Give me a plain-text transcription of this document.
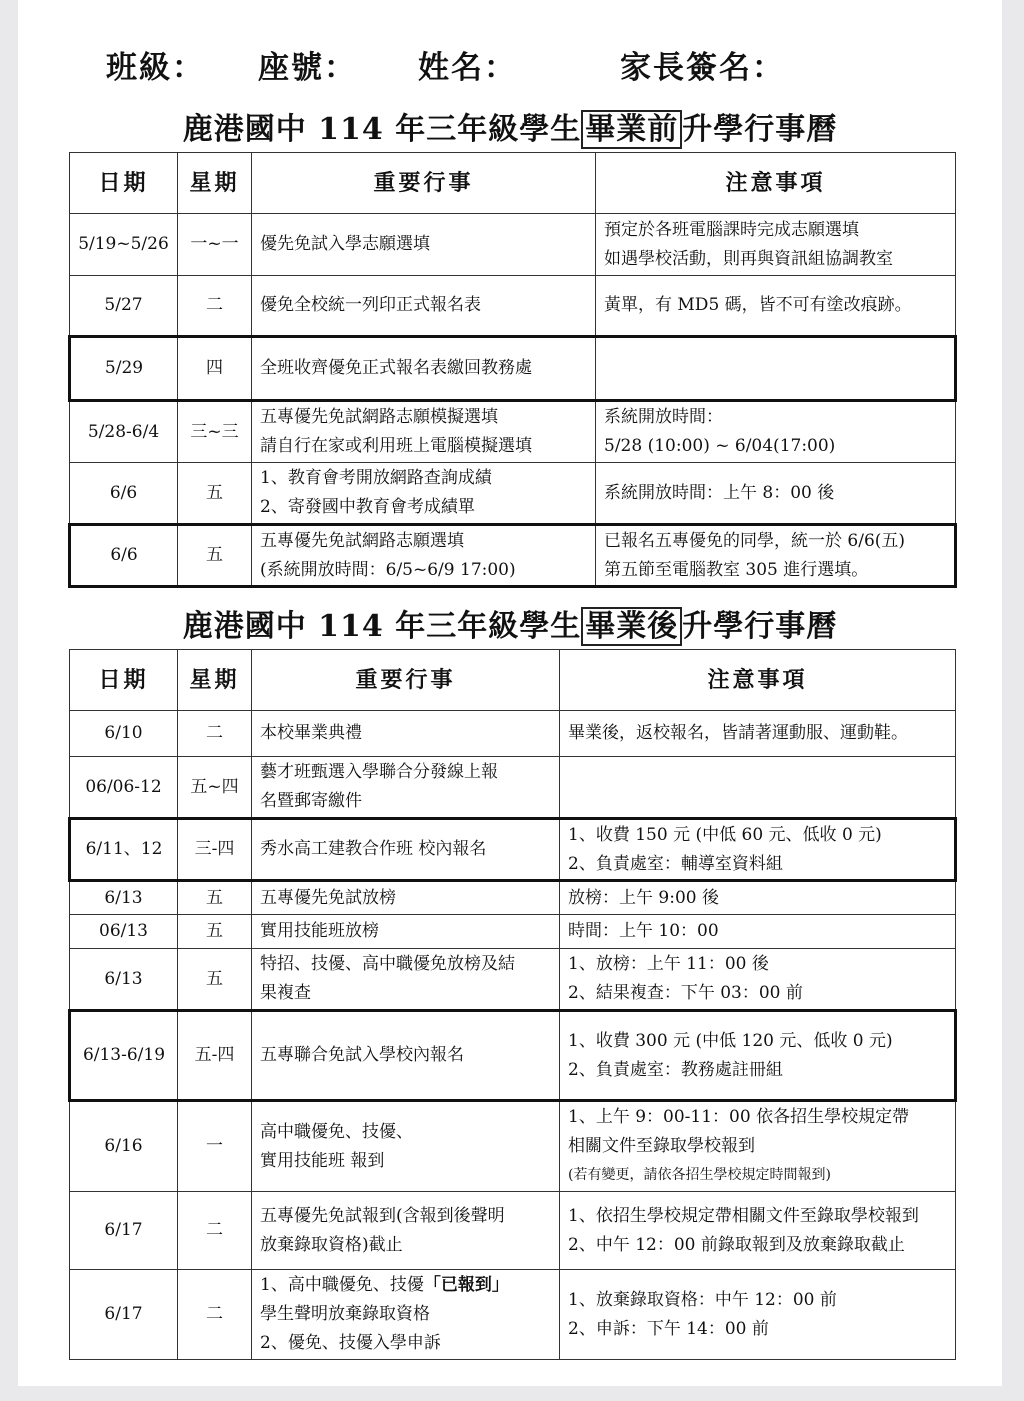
班級： 座號： 姓名：	家長簽名：
鹿港國中 114 年三年級學生 畢業前 升學行事曆
日期	星期	重要行事	注意事項
5/19~5/26	一~一	優先免試入學志願選填	預定於各班電腦課時完成志願選填
如遇學校活動，則再與資訊組協調教室

5/27	二	優免全校統一列印正式報名表	黃單，有 MD5 碼，皆不可有塗改痕跡。

5/29	四	全班收齊優免正式報名表繳回教務處	

5/28-6/4	三~三	五專優先免試網路志願模擬選填
請自行在家或利用班上電腦模擬選填	系統開放時間：
5/28 (10:00) ~ 6/04(17:00)

6/6	五	1、教育會考開放網路查詢成績
2、寄發國中教育會考成績單	系統開放時間：上午 8：00 後

6/6	五	五專優先免試網路志願選填
(系統開放時間：6/5~6/9 17:00)	已報名五專優免的同學，統一於 6/6(五)
第五節至電腦教室 305 進行選填。
鹿港國中 114 年三年級學生 畢業後 升學行事曆
日期	星期	重要行事	注意事項
6/10	二	本校畢業典禮	畢業後，返校報名，皆請著運動服、運動鞋。

06/06-12	五~四	藝才班甄選入學聯合分發線上報
名暨郵寄繳件	

6/11、12	三-四	秀水高工建教合作班 校內報名	1、收費 150 元 (中低 60 元、低收 0 元)
2、負責處室：輔導室資料組

6/13	五	五專優先免試放榜	放榜：上午 9:00 後

06/13	五	實用技能班放榜	時間：上午 10：00

6/13	五	特招、技優、高中職優免放榜及結
果複查	1、放榜：上午 11：00 後
2、結果複查：下午 03：00 前

6/13-6/19	五-四	五專聯合免試入學校內報名	1、收費 300 元 (中低 120 元、低收 0 元)
2、負責處室：教務處註冊組

6/16	一	高中職優免、技優、
實用技能班 報到	1、上午 9：00-11：00 依各招生學校規定帶
相關文件至錄取學校報到
(若有變更，請依各招生學校規定時間報到)

6/17	二	五專優先免試報到(含報到後聲明
放棄錄取資格)截止	1、依招生學校規定帶相關文件至錄取學校報到
2、中午 12：00 前錄取報到及放棄錄取截止

6/17	二	1、高中職優免、技優「已報到」
學生聲明放棄錄取資格
2、優免、技優入學申訴	1、放棄錄取資格：中午 12：00 前
2、申訴：下午 14：00 前
